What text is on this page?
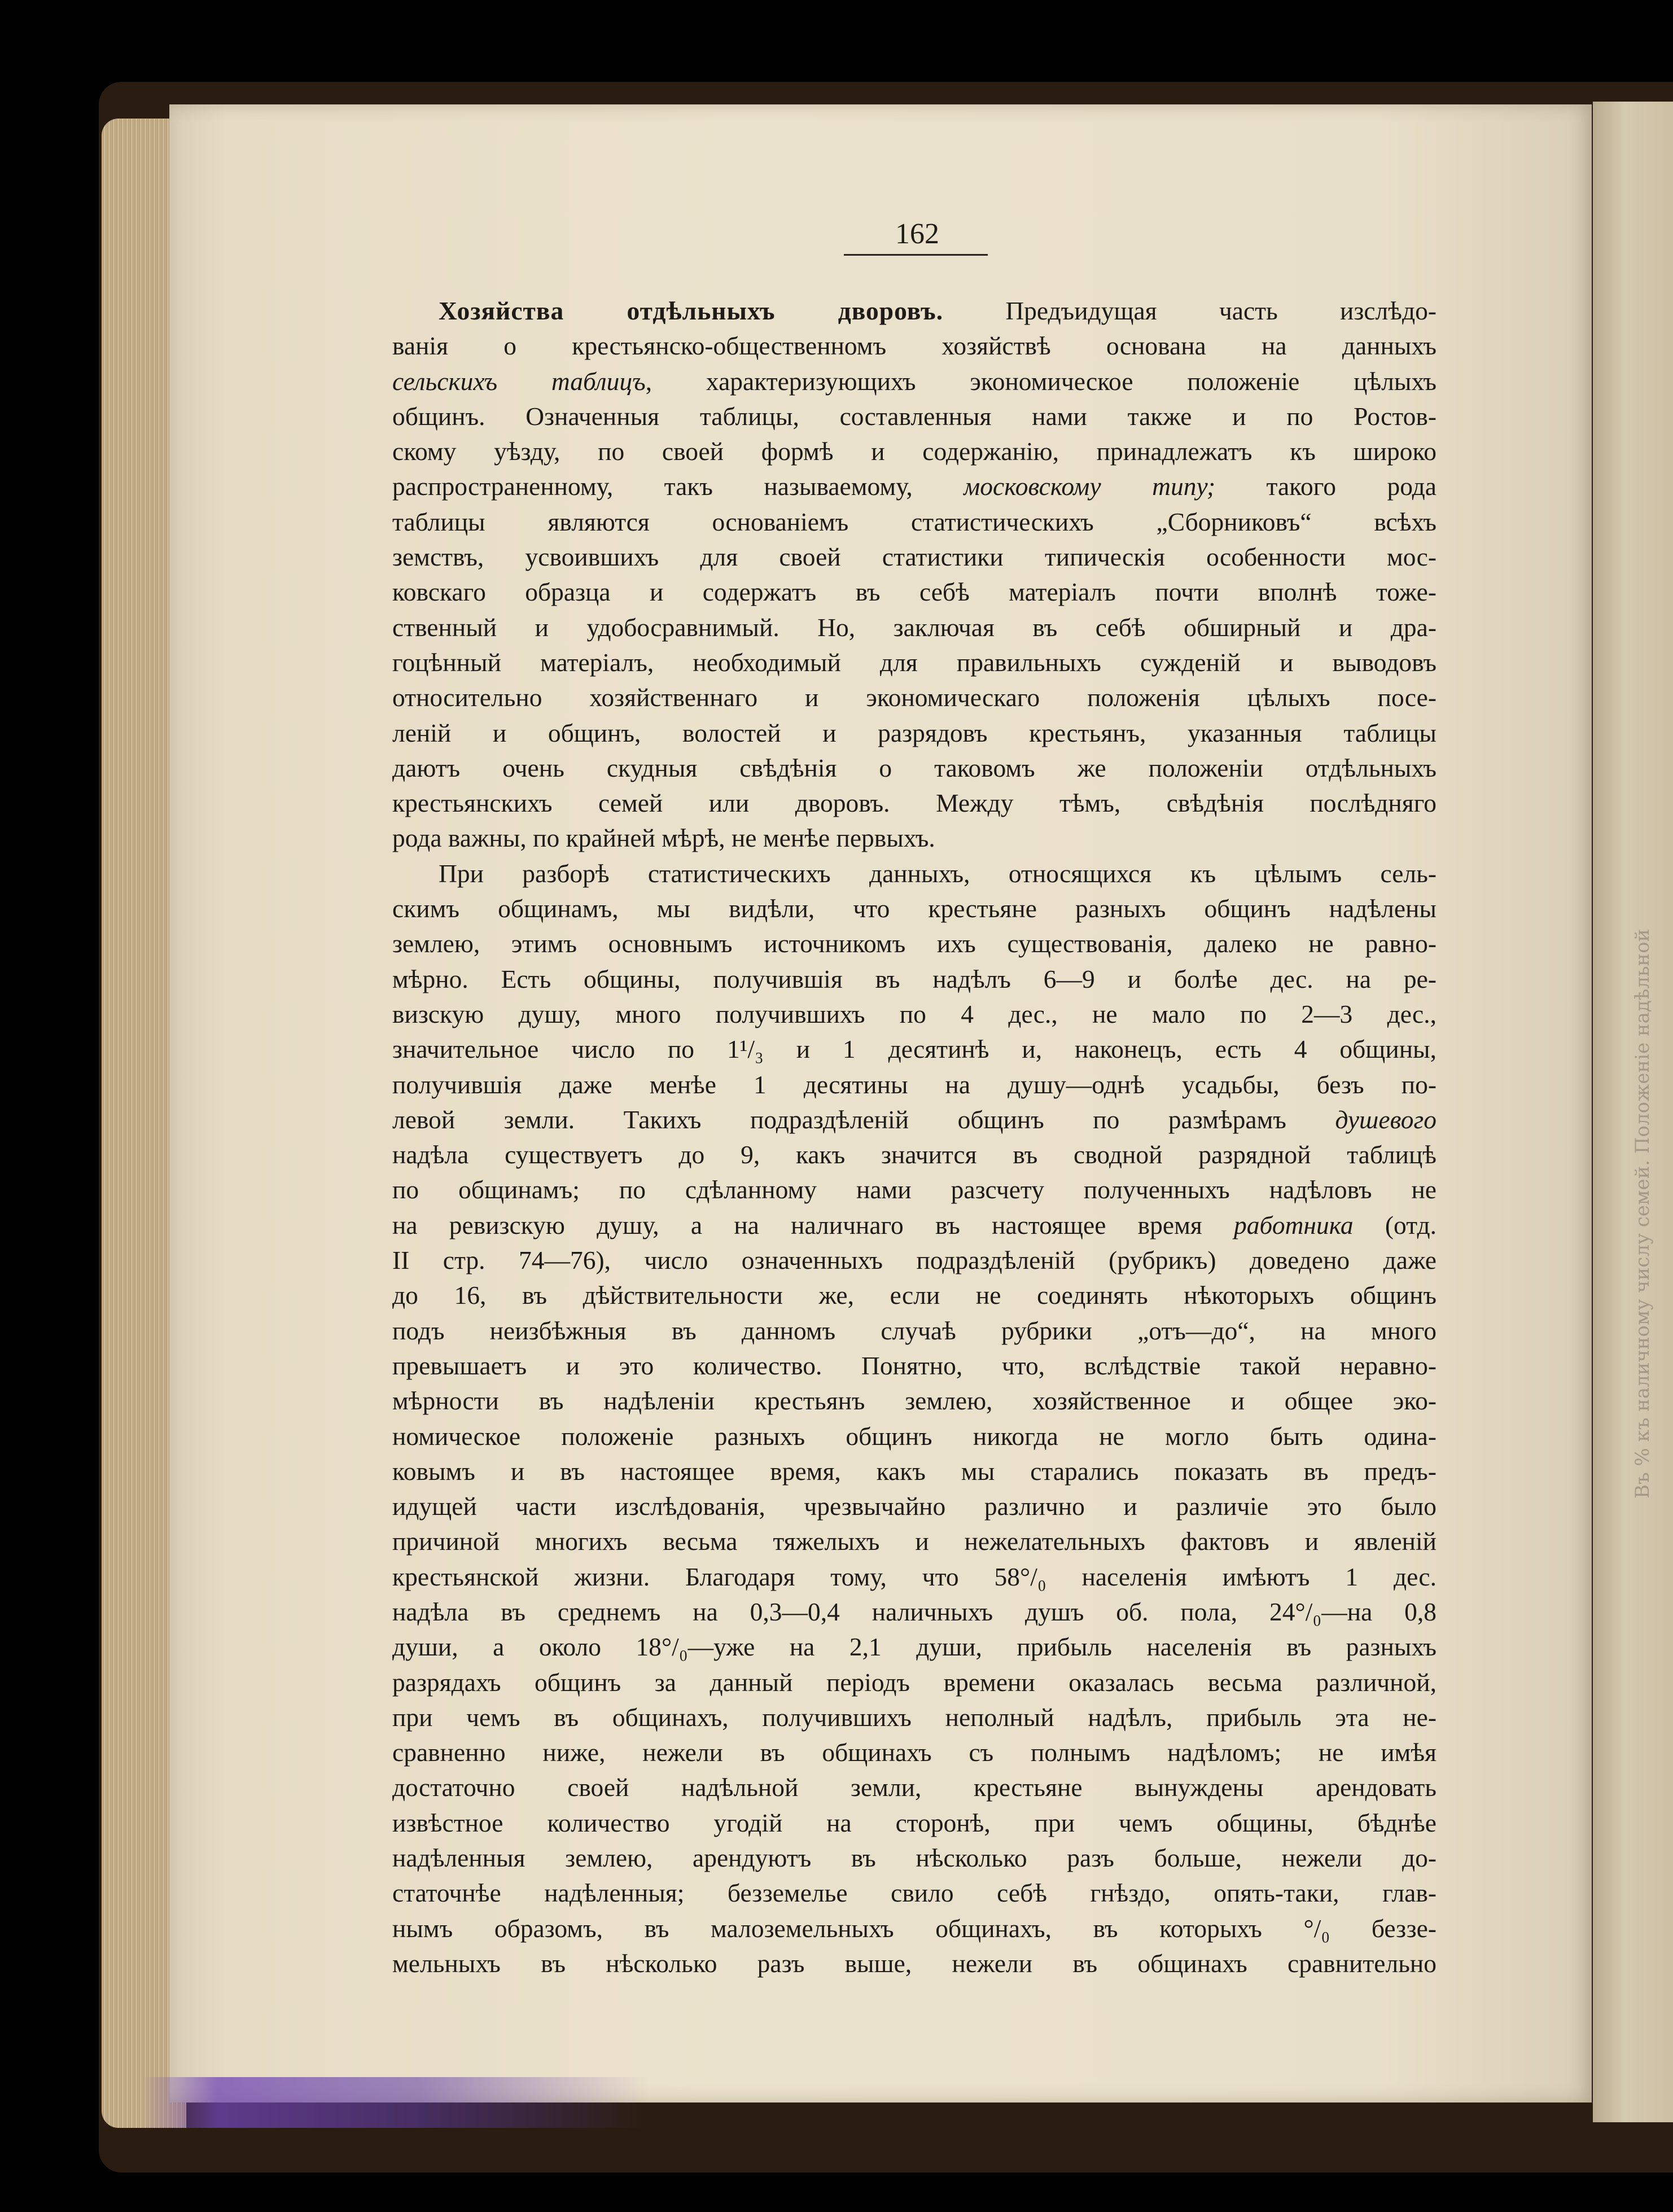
Въ % къ наличному числу семей. Положеніе надѣльной
162
Хозяйства отдѣльныхъ дворовъ. Предъидущая часть изслѣдо-
ванія о крестьянско-общественномъ хозяйствѣ основана на данныхъ
сельскихъ таблицъ, характеризующихъ экономическое положеніе цѣлыхъ
общинъ. Означенныя таблицы, составленныя нами также и по Ростов-
скому уѣзду, по своей формѣ и содержанію, принадлежатъ къ широко
распространенному, такъ называемому, московскому типу; такого рода
таблицы являются основаніемъ статистическихъ „Сборниковъ“ всѣхъ
земствъ, усвоившихъ для своей статистики типическія особенности мос-
ковскаго образца и содержатъ въ себѣ матеріалъ почти вполнѣ тоже-
ственный и удобосравнимый. Но, заключая въ себѣ обширный и дра-
гоцѣнный матеріалъ, необходимый для правильныхъ сужденій и выводовъ
относительно хозяйственнаго и экономическаго положенія цѣлыхъ посе-
леній и общинъ, волостей и разрядовъ крестьянъ, указанныя таблицы
даютъ очень скудныя свѣдѣнія о таковомъ же положеніи отдѣльныхъ
крестьянскихъ семей или дворовъ. Между тѣмъ, свѣдѣнія послѣдняго
рода важны, по крайней мѣрѣ, не менѣе первыхъ.
При разборѣ статистическихъ данныхъ, относящихся къ цѣлымъ сель-
скимъ общинамъ, мы видѣли, что крестьяне разныхъ общинъ надѣлены
землею, этимъ основнымъ источникомъ ихъ существованія, далеко не равно-
мѣрно. Есть общины, получившія въ надѣлъ 6—9 и болѣе дес. на ре-
визскую душу, много получившихъ по 4 дес., не мало по 2—3 дес.,
значительное число по 1¹/₃ и 1 десятинѣ и, наконецъ, есть 4 общины,
получившія даже менѣе 1 десятины на душу—однѣ усадьбы, безъ по-
левой земли. Такихъ подраздѣленій общинъ по размѣрамъ душевого
надѣла существуетъ до 9, какъ значится въ сводной разрядной таблицѣ
по общинамъ; по сдѣланному нами разсчету полученныхъ надѣловъ не
на ревизскую душу, а на наличнаго въ настоящее время работника (отд.
II стр. 74—76), число означенныхъ подраздѣленій (рубрикъ) доведено даже
до 16, въ дѣйствительности же, если не соединять нѣкоторыхъ общинъ
подъ неизбѣжныя въ данномъ случаѣ рубрики „отъ—до“, на много
превышаетъ и это количество. Понятно, что, вслѣдствіе такой неравно-
мѣрности въ надѣленіи крестьянъ землею, хозяйственное и общее эко-
номическое положеніе разныхъ общинъ никогда не могло быть одина-
ковымъ и въ настоящее время, какъ мы старались показать въ предъ-
идущей части изслѣдованія, чрезвычайно различно и различіе это было
причиной многихъ весьма тяжелыхъ и нежелательныхъ фактовъ и явленій
крестьянской жизни. Благодаря тому, что 58°/₀ населенія имѣютъ 1 дес.
надѣла въ среднемъ на 0,3—0,4 наличныхъ душъ об. пола, 24°/₀—на 0,8
души, а около 18°/₀—уже на 2,1 души, прибыль населенія въ разныхъ
разрядахъ общинъ за данный періодъ времени оказалась весьма различной,
при чемъ въ общинахъ, получившихъ неполный надѣлъ, прибыль эта не-
сравненно ниже, нежели въ общинахъ съ полнымъ надѣломъ; не имѣя
достаточно своей надѣльной земли, крестьяне вынуждены арендовать
извѣстное количество угодій на сторонѣ, при чемъ общины, бѣднѣе
надѣленныя землею, арендуютъ въ нѣсколько разъ больше, нежели до-
статочнѣе надѣленныя; безземелье свило себѣ гнѣздо, опять-таки, глав-
нымъ образомъ, въ малоземельныхъ общинахъ, въ которыхъ °/₀ беззе-
мельныхъ въ нѣсколько разъ выше, нежели въ общинахъ сравнительно
